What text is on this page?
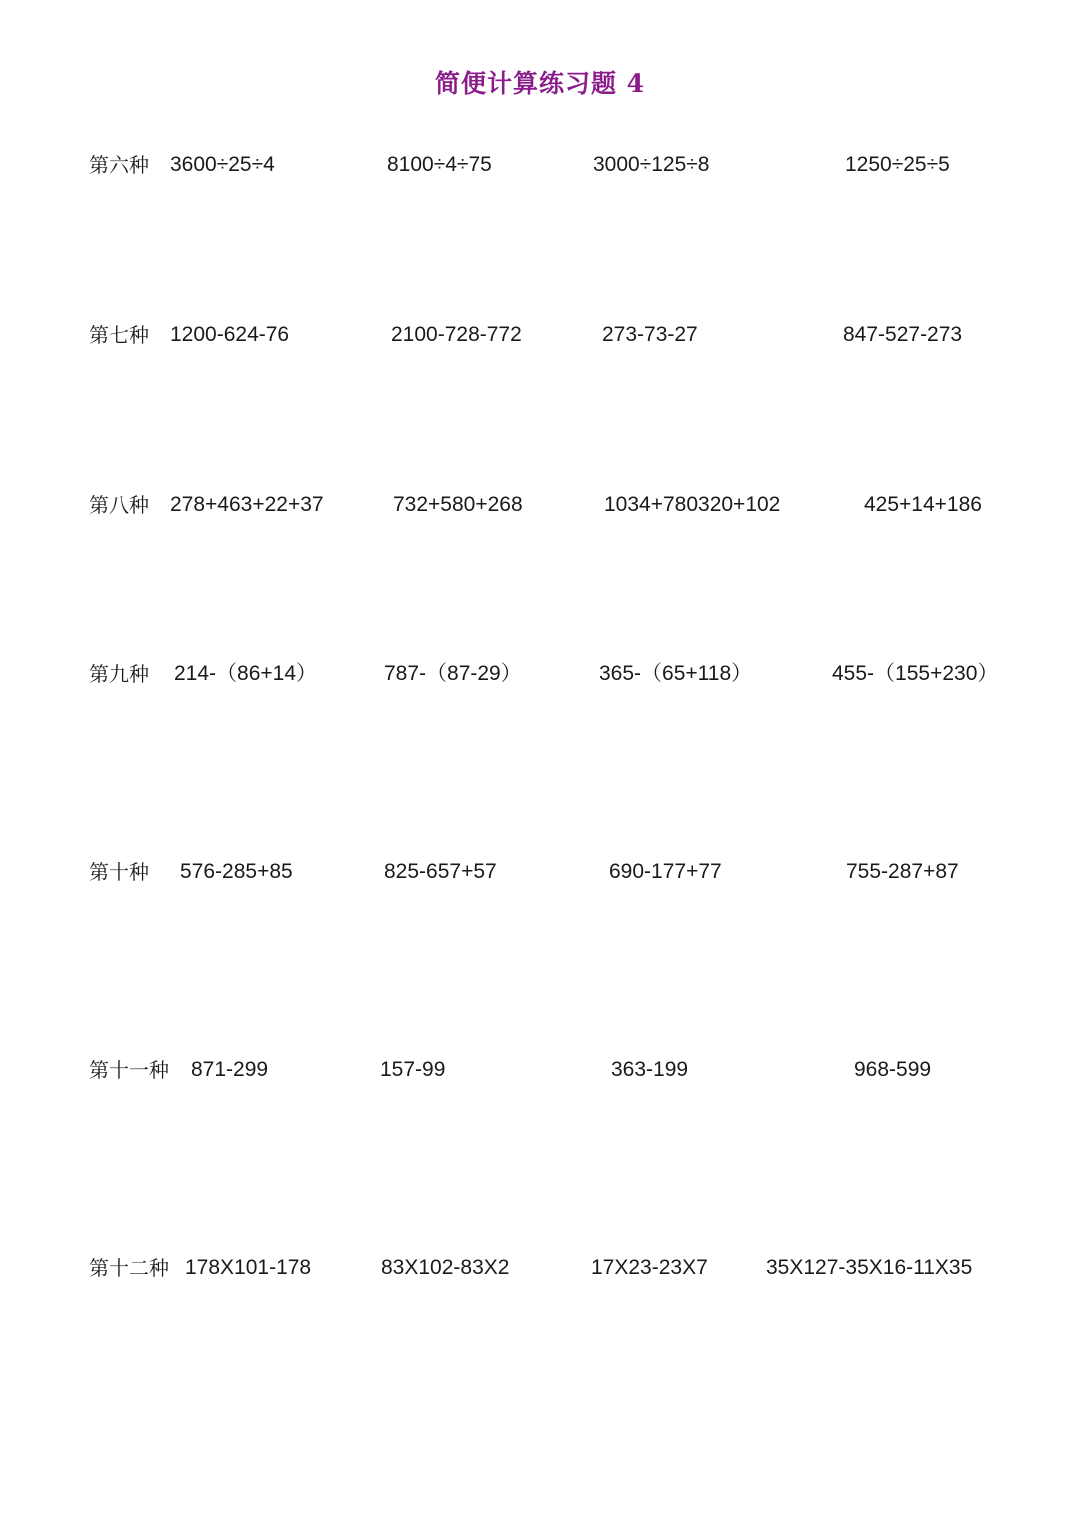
简便计算练习题 4
第六种 3600÷25÷4	8100÷4÷75	3000÷125÷8	1250÷25÷5
第七种 1200-624-76	2100-728-772	273-73-27	847-527-273
第八种 278+463+22+37	732+580+268	1034+780320+102	425+14+186
第九种 214-（86+14）	787-（87-29）	365-（65+118）	455-（155+230）
第十种 576-285+85	825-657+57	690-177+77	755-287+87
第十一种 871-299	157-99	363-199	968-599
第十二种 178X101-178	83X102-83X2	17X23-23X7	35X127-35X16-11X35
